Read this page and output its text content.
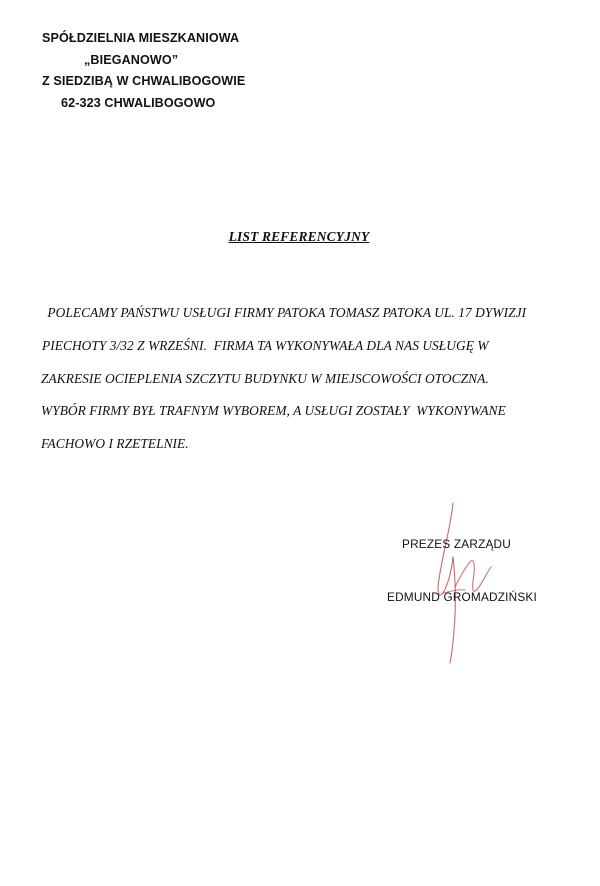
SPÓŁDZIELNIA MIESZKANIOWA
„BIEGANOWO”
Z SIEDZIBĄ W CHWALIBOGOWIE
62-323 CHWALIBOGOWO
LIST REFERENCYJNY
POLECAMY PAŃSTWU USŁUGI FIRMY PATOKA TOMASZ PATOKA UL. 17 DYWIZJI
PIECHOTY 3/32 Z WRZEŚNI.  FIRMA TA WYKONYWAŁA DLA NAS USŁUGĘ W
ZAKRESIE OCIEPLENIA SZCZYTU BUDYNKU W MIEJSCOWOŚCI OTOCZNA.
WYBÓR FIRMY BYŁ TRAFNYM WYBOREM, A USŁUGI ZOSTAŁY  WYKONYWANE
FACHOWO I RZETELNIE.
PREZES ZARZĄDU
EDMUND GROMADZIŃSKI
